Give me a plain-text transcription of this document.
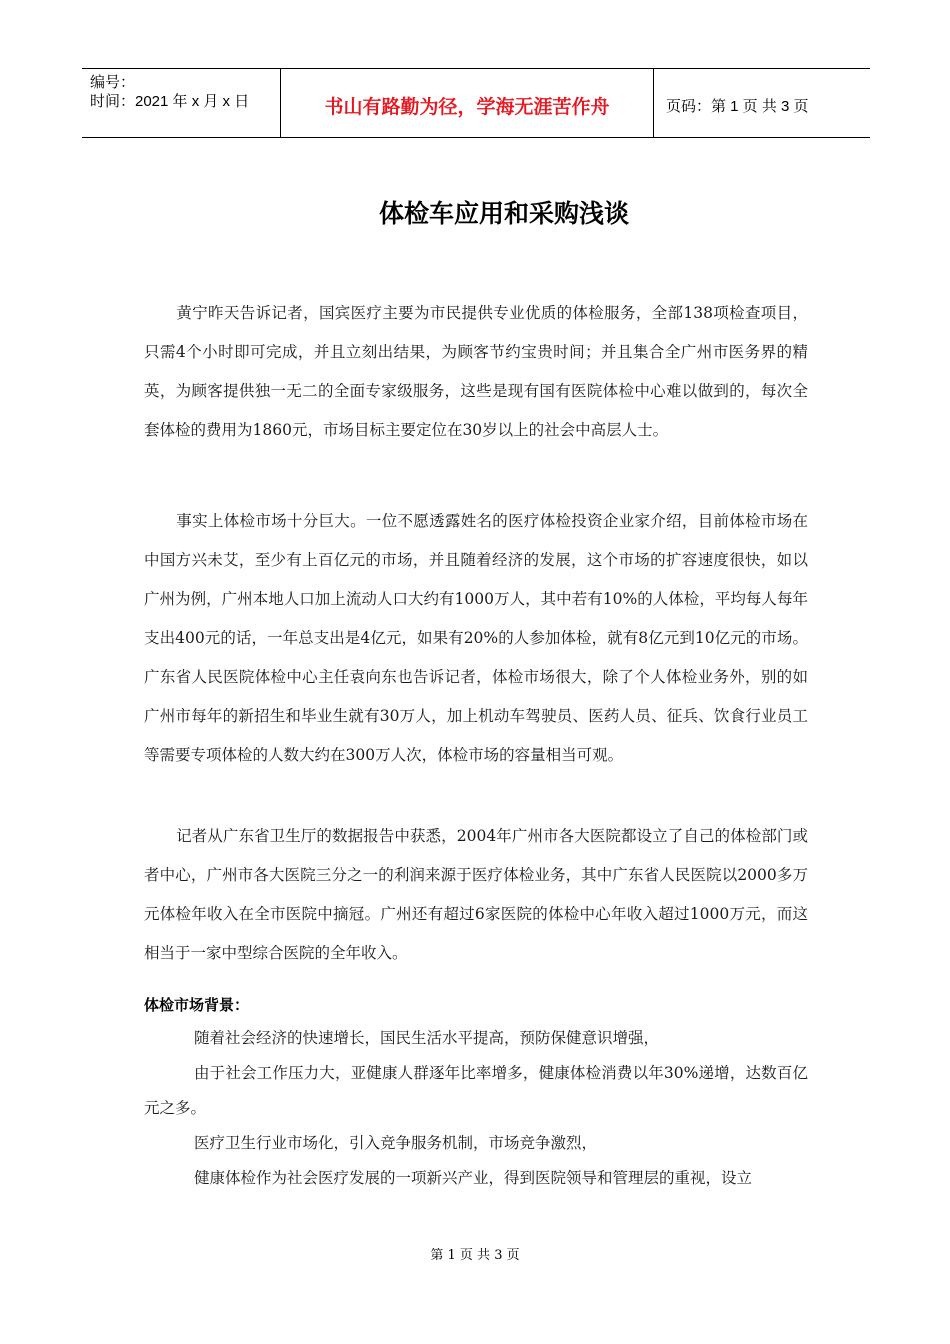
编号：
时间：2021 年 x 月 x 日	书山有路勤为径，学海无涯苦作舟	页码：第 1 页 共 3 页
体检车应用和采购浅谈

黄宁昨天告诉记者，国宾医疗主要为市民提供专业优质的体检服务，全部138项检查项目，只需4个小时即可完成，并且立刻出结果，为顾客节约宝贵时间；并且集合全广州市医务界的精英，为顾客提供独一无二的全面专家级服务，这些是现有国有医院体检中心难以做到的，每次全套体检的费用为1860元，市场目标主要定位在30岁以上的社会中高层人士。

事实上体检市场十分巨大。一位不愿透露姓名的医疗体检投资企业家介绍，目前体检市场在中国方兴未艾，至少有上百亿元的市场，并且随着经济的发展，这个市场的扩容速度很快，如以广州为例，广州本地人口加上流动人口大约有1000万人，其中若有10%的人体检，平均每人每年支出400元的话，一年总支出是4亿元，如果有20%的人参加体检，就有8亿元到10亿元的市场。广东省人民医院体检中心主任袁向东也告诉记者，体检市场很大，除了个人体检业务外，别的如广州市每年的新招生和毕业生就有30万人，加上机动车驾驶员、医药人员、征兵、饮食行业员工等需要专项体检的人数大约在300万人次，体检市场的容量相当可观。

记者从广东省卫生厅的数据报告中获悉，2004年广州市各大医院都设立了自己的体检部门或者中心，广州市各大医院三分之一的利润来源于医疗体检业务，其中广东省人民医院以2000多万元体检年收入在全市医院中摘冠。广州还有超过6家医院的体检中心年收入超过1000万元，而这相当于一家中型综合医院的全年收入。

体检市场背景：

随着社会经济的快速增长，国民生活水平提高，预防保健意识增强，

由于社会工作压力大，亚健康人群逐年比率增多，健康体检消费以年30%递增，达数百亿元之多。

医疗卫生行业市场化，引入竞争服务机制，市场竞争激烈，

健康体检作为社会医疗发展的一项新兴产业，得到医院领导和管理层的重视，设立

第 1 页 共 3 页
